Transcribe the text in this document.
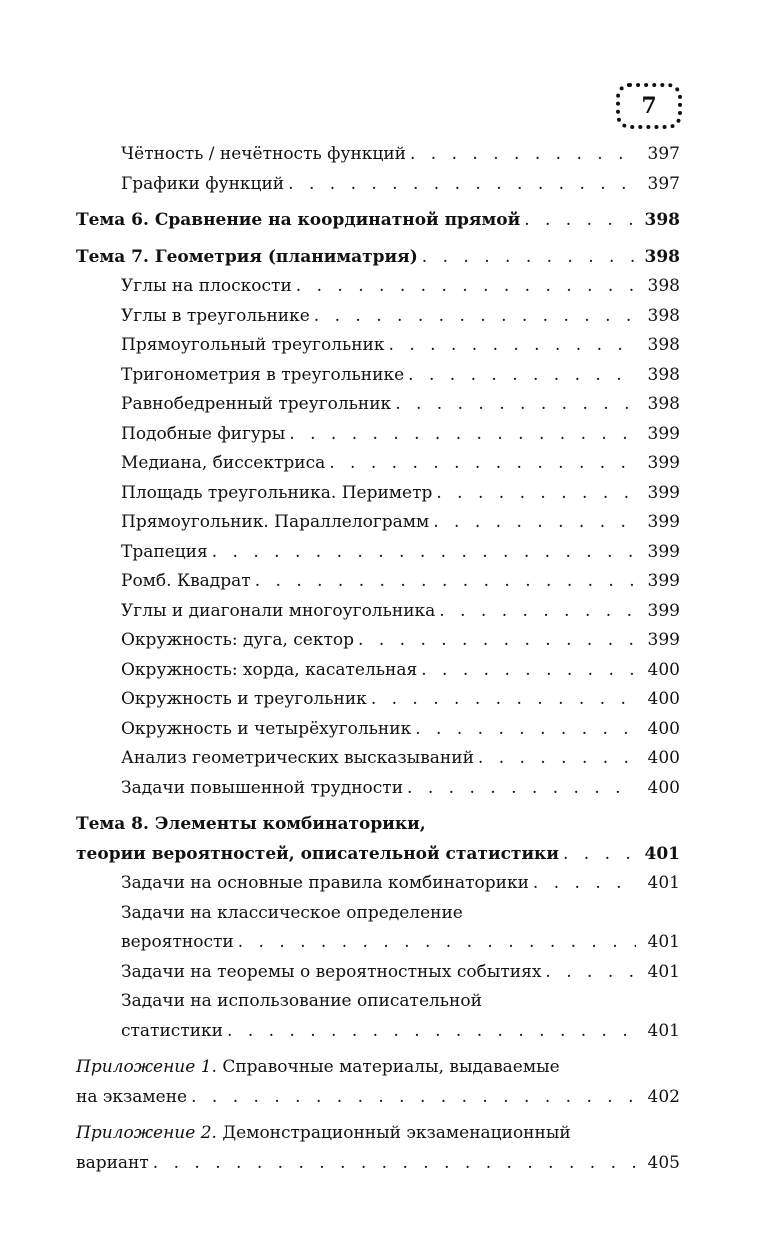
7
Чётность / нечётность функций . . .	397
Графики функций . . .	397
Тема 6. Сравнение на координатной прямой . . .	398
Тема 7. Геометрия (планиматрия) . . .	398
Углы на плоскости . . .	398
Углы в треугольнике . . .	398
Прямоугольный треугольник . . .	398
Тригонометрия в треугольнике . . .	398
Равнобедренный треугольник . . .	398
Подобные фигуры . . .	399
Медиана, биссектриса . . .	399
Площадь треугольника. Периметр . . .	399
Прямоугольник. Параллелограмм . . .	399
Трапеция . . .	399
Ромб. Квадрат . . .	399
Углы и диагонали многоугольника . . .	399
Окружность: дуга, сектор . . .	399
Окружность: хорда, касательная . . .	400
Окружность и треугольник . . .	400
Окружность и четырёхугольник . . .	400
Анализ геометрических высказываний . . .	400
Задачи повышенной трудности . . .	400
Тема 8. Элементы комбинаторики,
теории вероятностей, описательной статистики . . .	401
Задачи на основные правила комбинаторики . . .	401
Задачи на классическое определение
вероятности . . .	401
Задачи на теоремы о вероятностных событиях . . .	401
Задачи на использование описательной
статистики . . .	401
Приложение 1. Справочные материалы, выдаваемые
на экзамене . . .	402
Приложение 2. Демонстрационный экзаменационный
вариант . . .	405
